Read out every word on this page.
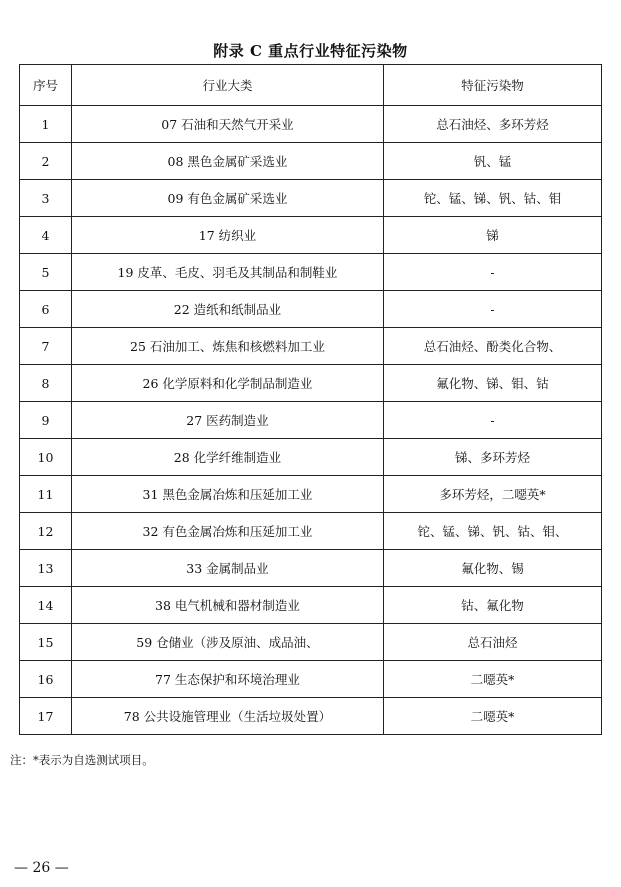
附录 C 重点行业特征污染物
序号	行业大类	特征污染物
1	07 石油和天然气开采业	总石油烃、多环芳烃
2	08 黑色金属矿采选业	钒、锰
3	09 有色金属矿采选业	铊、锰、锑、钒、钴、钼
4	17 纺织业	锑
5	19 皮革、毛皮、羽毛及其制品和制鞋业	-
6	22 造纸和纸制品业	-
7	25 石油加工、炼焦和核燃料加工业	总石油烃、酚类化合物、
8	26 化学原料和化学制品制造业	氟化物、锑、钼、钴
9	27 医药制造业	-
10	28 化学纤维制造业	锑、多环芳烃
11	31 黑色金属冶炼和压延加工业	多环芳烃，二噁英*
12	32 有色金属冶炼和压延加工业	铊、锰、锑、钒、钴、钼、
13	33 金属制品业	氟化物、锡
14	38 电气机械和器材制造业	钴、氟化物
15	59 仓储业（涉及原油、成品油、	总石油烃
16	77 生态保护和环境治理业	二噁英*
17	78 公共设施管理业（生活垃圾处置）	二噁英*
注：*表示为自选测试项目。
— 26 —
